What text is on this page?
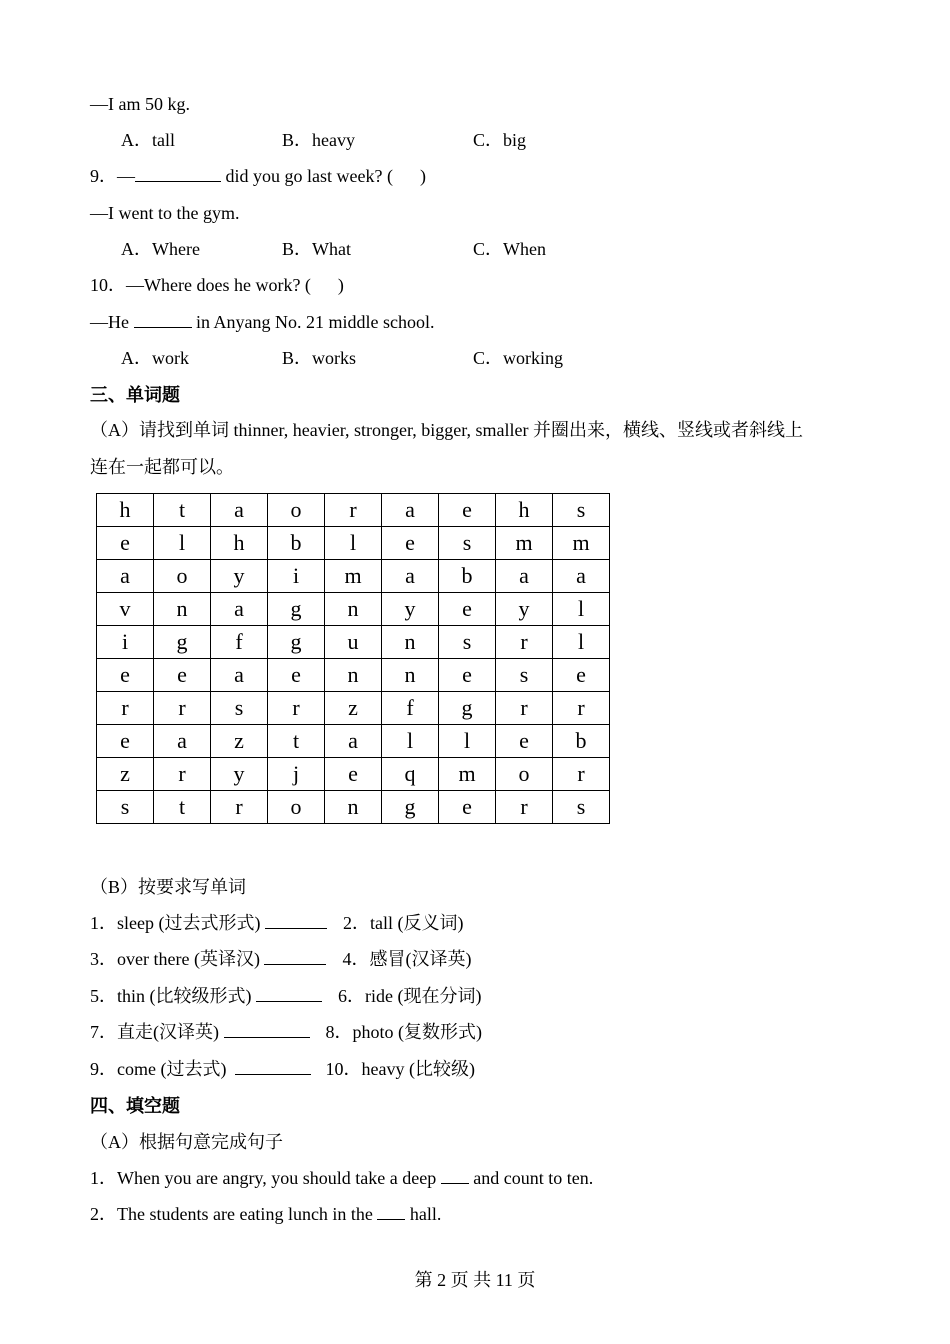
—I am 50 kg.
A．tall	B．heavy	C．big
9．—	did you go last week? (      )
—I went to the gym.
A．Where	B．What	C．When
10．—Where does he work? (      )
—He	in Anyang No. 21 middle school.
A．work	B．works	C．working
三、单词题
（A）请找到单词 thinner, heavier, stronger, bigger, smaller 并圈出来，横线、竖线或者斜线上
连在一起都可以。
h	t	a	o	r	a	e	h	s
e	l	h	b	l	e	s	m	m
a	o	y	i	m	a	b	a	a
v	n	a	g	n	y	e	y	l
i	g	f	g	u	n	s	r	l
e	e	a	e	n	n	e	s	e
r	r	s	r	z	f	g	r	r
e	a	z	t	a	l	l	e	b
z	r	y	j	e	q	m	o	r
s	t	r	o	n	g	e	r	s
（B）按要求写单词
1．sleep (过去式形式)	2．tall (反义词)
3．over there (英译汉)	4．感冒(汉译英)
5．thin (比较级形式)	6．ride (现在分词)
7．直走(汉译英)	8．photo (复数形式)
9．come (过去式)	10．heavy (比较级)
四、填空题
（A）根据句意完成句子
1．When you are angry, you should take a deep  and count to ten.
2．The students are eating lunch in the  hall.
第 2 页 共 11 页
